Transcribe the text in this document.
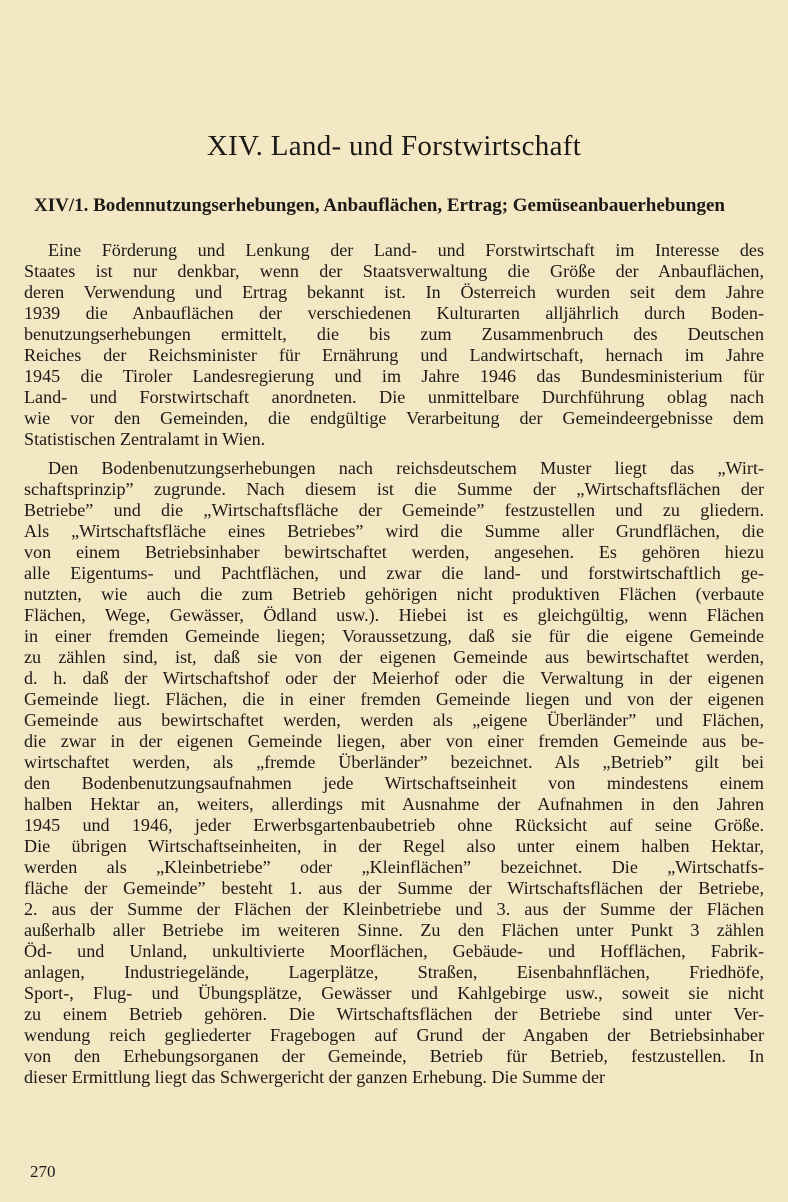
XIV. Land- und Forstwirtschaft
XIV/1. Bodennutzungserhebungen, Anbauflächen, Ertrag; Gemüseanbauerhebungen
Eine Förderung und Lenkung der Land- und Forstwirtschaft im Interesse des
Staates ist nur denkbar, wenn der Staatsverwaltung die Größe der Anbauflächen,
deren Verwendung und Ertrag bekannt ist. In Österreich wurden seit dem Jahre
1939 die Anbauflächen der verschiedenen Kulturarten alljährlich durch Boden-
benutzungserhebungen ermittelt, die bis zum Zusammenbruch des Deutschen
Reiches der Reichsminister für Ernährung und Landwirtschaft, hernach im Jahre
1945 die Tiroler Landesregierung und im Jahre 1946 das Bundesministerium für
Land- und Forstwirtschaft anordneten. Die unmittelbare Durchführung oblag nach
wie vor den Gemeinden, die endgültige Verarbeitung der Gemeindeergebnisse dem
Statistischen Zentralamt in Wien.
Den Bodenbenutzungserhebungen nach reichsdeutschem Muster liegt das „Wirt-
schaftsprinzip” zugrunde. Nach diesem ist die Summe der „Wirtschaftsflächen der
Betriebe” und die „Wirtschaftsfläche der Gemeinde” festzustellen und zu gliedern.
Als „Wirtschaftsfläche eines Betriebes” wird die Summe aller Grundflächen, die
von einem Betriebsinhaber bewirtschaftet werden, angesehen. Es gehören hiezu
alle Eigentums- und Pachtflächen, und zwar die land- und forstwirtschaftlich ge-
nutzten, wie auch die zum Betrieb gehörigen nicht produktiven Flächen (verbaute
Flächen, Wege, Gewässer, Ödland usw.). Hiebei ist es gleichgültig, wenn Flächen
in einer fremden Gemeinde liegen; Voraussetzung, daß sie für die eigene Gemeinde
zu zählen sind, ist, daß sie von der eigenen Gemeinde aus bewirtschaftet werden,
d. h. daß der Wirtschaftshof oder der Meierhof oder die Verwaltung in der eigenen
Gemeinde liegt. Flächen, die in einer fremden Gemeinde liegen und von der eigenen
Gemeinde aus bewirtschaftet werden, werden als „eigene Überländer” und Flächen,
die zwar in der eigenen Gemeinde liegen, aber von einer fremden Gemeinde aus be-
wirtschaftet werden, als „fremde Überländer” bezeichnet. Als „Betrieb” gilt bei
den Bodenbenutzungsaufnahmen jede Wirtschaftseinheit von mindestens einem
halben Hektar an, weiters, allerdings mit Ausnahme der Aufnahmen in den Jahren
1945 und 1946, jeder Erwerbsgartenbaubetrieb ohne Rücksicht auf seine Größe.
Die übrigen Wirtschaftseinheiten, in der Regel also unter einem halben Hektar,
werden als „Kleinbetriebe” oder „Kleinflächen” bezeichnet. Die „Wirtschatfs-
fläche der Gemeinde” besteht 1. aus der Summe der Wirtschaftsflächen der Betriebe,
2. aus der Summe der Flächen der Kleinbetriebe und 3. aus der Summe der Flächen
außerhalb aller Betriebe im weiteren Sinne. Zu den Flächen unter Punkt 3 zählen
Öd- und Unland, unkultivierte Moorflächen, Gebäude- und Hofflächen, Fabrik-
anlagen, Industriegelände, Lagerplätze, Straßen, Eisenbahnflächen, Friedhöfe,
Sport-, Flug- und Übungsplätze, Gewässer und Kahlgebirge usw., soweit sie nicht
zu einem Betrieb gehören. Die Wirtschaftsflächen der Betriebe sind unter Ver-
wendung reich gegliederter Fragebogen auf Grund der Angaben der Betriebsinhaber
von den Erhebungsorganen der Gemeinde, Betrieb für Betrieb, festzustellen. In
dieser Ermittlung liegt das Schwergericht der ganzen Erhebung. Die Summe der
270
